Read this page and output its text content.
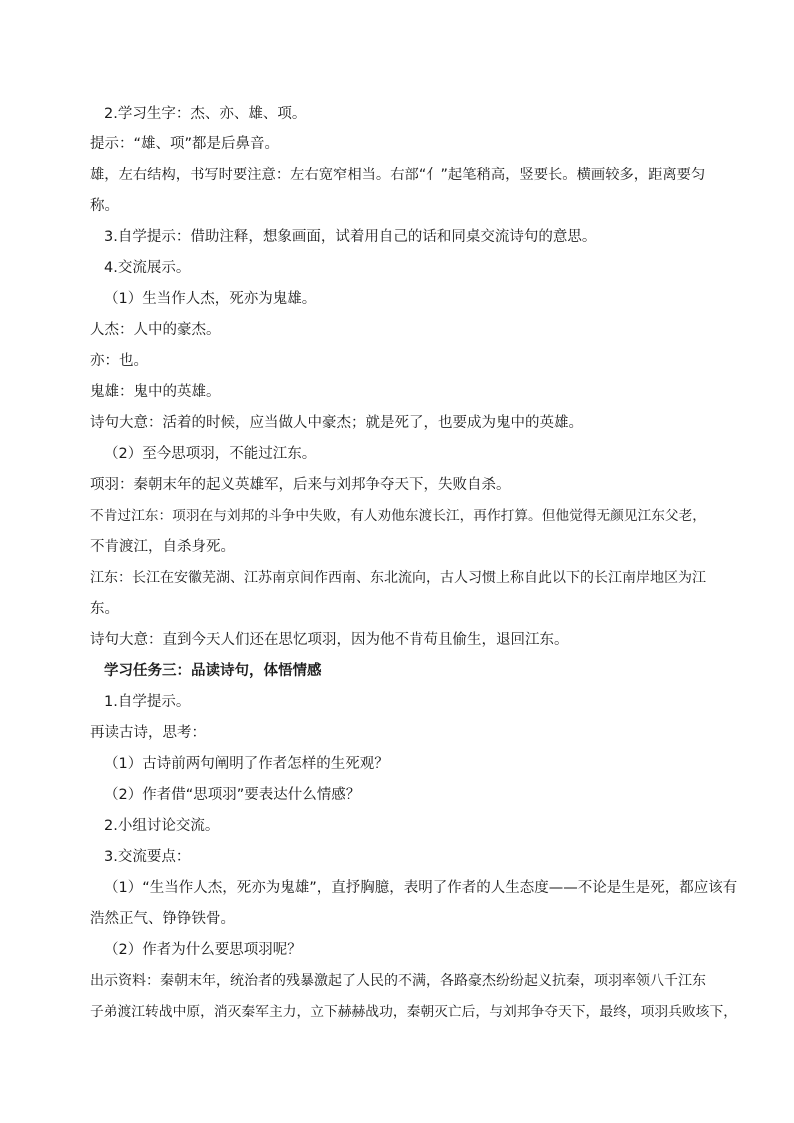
2.学习生字：杰、亦、雄、项。

提示：“雄、项”都是后鼻音。

雄，左右结构，书写时要注意：左右宽窄相当。右部“亻”起笔稍高，竖要长。横画较多，距离要匀

称。

3.自学提示：借助注释，想象画面，试着用自己的话和同桌交流诗句的意思。

4.交流展示。

（1）生当作人杰，死亦为鬼雄。

人杰：人中的豪杰。

亦：也。

鬼雄：鬼中的英雄。

诗句大意：活着的时候，应当做人中豪杰；就是死了，也要成为鬼中的英雄。

（2）至今思项羽，不能过江东。

项羽：秦朝末年的起义英雄军，后来与刘邦争夺天下，失败自杀。

不肯过江东：项羽在与刘邦的斗争中失败，有人劝他东渡长江，再作打算。但他觉得无颜见江东父老，

不肯渡江，自杀身死。

江东：长江在安徽芜湖、江苏南京间作西南、东北流向，古人习惯上称自此以下的长江南岸地区为江

东。

诗句大意：直到今天人们还在思忆项羽，因为他不肯苟且偷生，退回江东。

学习任务三：品读诗句，体悟情感

1.自学提示。

再读古诗，思考：

（1）古诗前两句阐明了作者怎样的生死观？

（2）作者借“思项羽”要表达什么情感？

2.小组讨论交流。

3.交流要点：

（1）“生当作人杰，死亦为鬼雄”，直抒胸臆，表明了作者的人生态度——不论是生是死，都应该有

浩然正气、铮铮铁骨。

（2）作者为什么要思项羽呢？

出示资料：秦朝末年，统治者的残暴激起了人民的不满，各路豪杰纷纷起义抗秦，项羽率领八千江东

子弟渡江转战中原，消灭秦军主力，立下赫赫战功，秦朝灭亡后，与刘邦争夺天下，最终，项羽兵败垓下，
